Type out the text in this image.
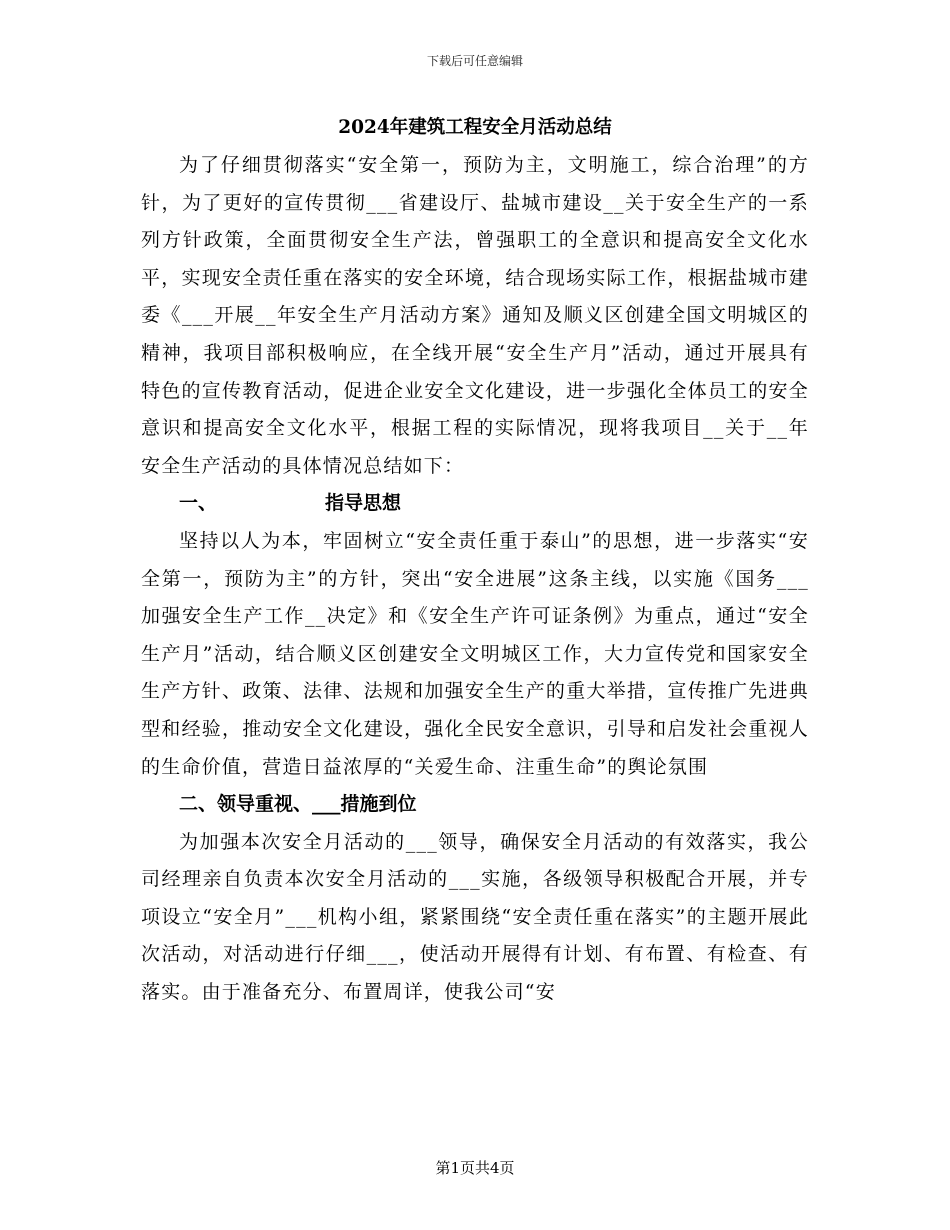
下载后可任意编辑
2024年建筑工程安全月活动总结

为了仔细贯彻落实“安全第一，预防为主，文明施工，综合治理”的方针，为了更好的宣传贯彻___省建设厅、盐城市建设__关于安全生产的一系列方针政策，全面贯彻安全生产法，曾强职工的全意识和提高安全文化水平，实现安全责任重在落实的安全环境，结合现场实际工作，根据盐城市建委《___开展__年安全生产月活动方案》通知及顺义区创建全国文明城区的精神，我项目部积极响应，在全线开展“安全生产月”活动，通过开展具有特色的宣传教育活动，促进企业安全文化建设，进一步强化全体员工的安全意识和提高安全文化水平，根据工程的实际情况，现将我项目__关于__年安全生产活动的具体情况总结如下：

一、	指导思想

坚持以人为本，牢固树立“安全责任重于泰山”的思想，进一步落实“安全第一，预防为主”的方针，突出“安全进展”这条主线，以实施《国务___加强安全生产工作__决定》和《安全生产许可证条例》为重点，通过“安全生产月”活动，结合顺义区创建安全文明城区工作，大力宣传党和国家安全生产方针、政策、法律、法规和加强安全生产的重大举措，宣传推广先进典型和经验，推动安全文化建设，强化全民安全意识，引导和启发社会重视人的生命价值，营造日益浓厚的“关爱生命、注重生命”的舆论氛围

二、领导重视、___措施到位

为加强本次安全月活动的___领导，确保安全月活动的有效落实，我公司经理亲自负责本次安全月活动的___实施，各级领导积极配合开展，并专项设立“安全月”___机构小组，紧紧围绕“安全责任重在落实”的主题开展此次活动，对活动进行仔细___，使活动开展得有计划、有布置、有检查、有落实。由于准备充分、布置周详，使我公司“安

第1页共4页
